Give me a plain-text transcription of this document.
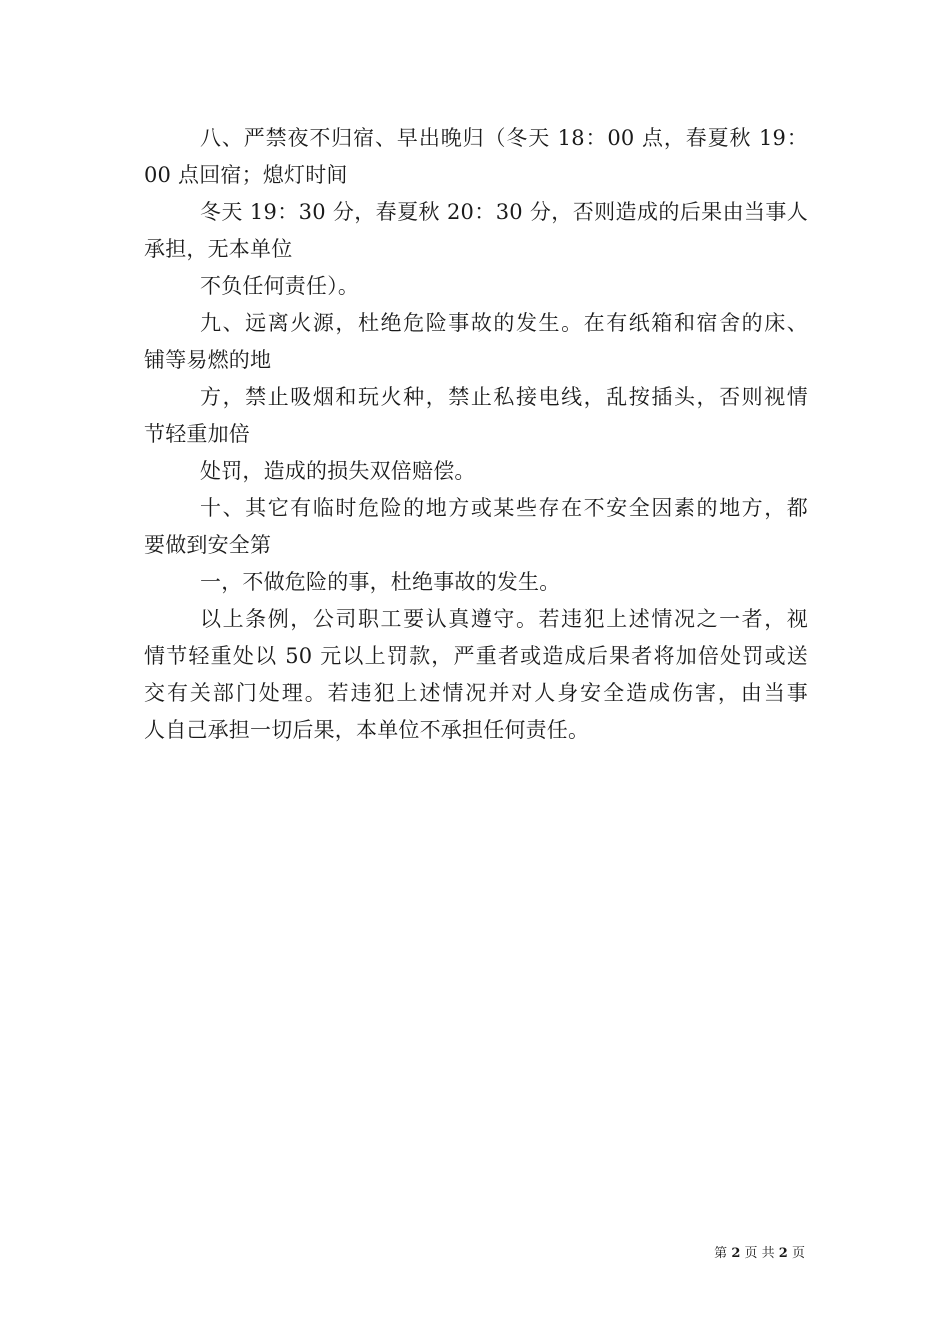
八、严禁夜不归宿、早出晚归（冬天 18：00 点，春夏秋 19：
00 点回宿；熄灯时间
冬天 19：30 分，春夏秋 20：30 分，否则造成的后果由当事人
承担，无本单位
不负任何责任）。
九、远离火源，杜绝危险事故的发生。在有纸箱和宿舍的床、
铺等易燃的地
方，禁止吸烟和玩火种，禁止私接电线，乱按插头，否则视情
节轻重加倍
处罚，造成的损失双倍赔偿。
十、其它有临时危险的地方或某些存在不安全因素的地方，都
要做到安全第
一，不做危险的事，杜绝事故的发生。
以上条例，公司职工要认真遵守。若违犯上述情况之一者，视
情节轻重处以 50 元以上罚款，严重者或造成后果者将加倍处罚或送
交有关部门处理。若违犯上述情况并对人身安全造成伤害，由当事
人自己承担一切后果，本单位不承担任何责任。
第 2 页 共 2 页
